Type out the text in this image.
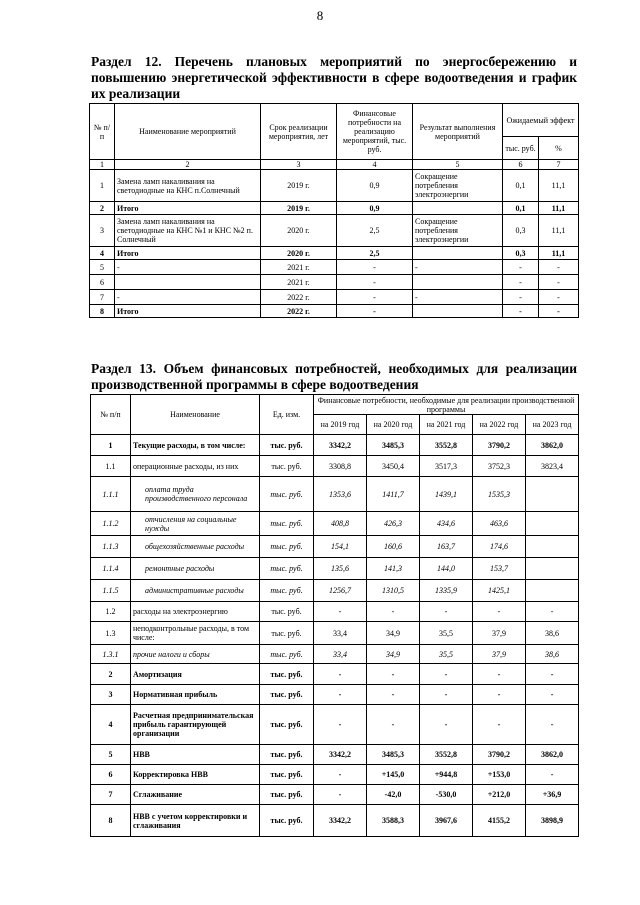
8
Раздел 12. Перечень плановых мероприятий по энергосбережению и повышению энергетической эффективности в сфере водоотведения и график их реализации
№ п/п	Наименование мероприятий	Срок реализации мероприятия, лет	Финансовые потребности на реализацию мероприятий, тыс. руб.	Результат выполнения мероприятий	Ожидаемый эффект	
					тыс. руб.	%
1	2	3	4	5	6	7
1	Замена ламп накаливания на светодиодные на КНС п.Солнечный	2019 г.	0,9	Сокращение потребления электроэнергии	0,1	11,1
2	Итого	2019 г.	0,9		0,1	11,1
3	Замена ламп накаливания на светодиодные на КНС №1 и КНС №2 п. Солнечный	2020 г.	2,5	Сокращение потребления электроэнергии	0,3	11,1
4	Итого	2020 г.	2,5		0,3	11,1
5	-	2021 г.	-	-	-	-
6		2021 г.	-		-	-
7	-	2022 г.	-	-	-	-
8	Итого	2022 г.	-		-	-
Раздел 13. Объем финансовых потребностей, необходимых для реализации производственной программы в сфере водоотведения
№ п/п	Наименование	Ед. изм.	Финансовые потребности, необходимые для реализации производственной программы				
			на 2019 год	на 2020 год	на 2021 год	на 2022 год	на 2023 год
1	Текущие расходы, в том числе:	тыс. руб.	3342,2	3485,3	3552,8	3790,2	3862,0
1.1	операционные расходы, из них	тыс. руб.	3308,8	3450,4	3517,3	3752,3	3823,4
1.1.1	оплата труда производственного персонала	тыс. руб.	1353,6	1411,7	1439,1	1535,3	
1.1.2	отчисления на социальные нужды	тыс. руб.	408,8	426,3	434,6	463,6	
1.1.3	общехозяйственные расходы	тыс. руб.	154,1	160,6	163,7	174,6	
1.1.4	ремонтные расходы	тыс. руб.	135,6	141,3	144,0	153,7	
1.1.5	административные расходы	тыс. руб.	1256,7	1310,5	1335,9	1425,1	
1.2	расходы на электроэнергию	тыс. руб.	-	-	-	-	-
1.3	неподконтрольные расходы, в том числе:	тыс. руб.	33,4	34,9	35,5	37,9	38,6
1.3.1	прочие налоги и сборы	тыс. руб.	33,4	34,9	35,5	37,9	38,6
2	Амортизация	тыс. руб.	-	-	-	-	-
3	Нормативная прибыль	тыс. руб.	-	-	-	-	-
4	Расчетная предпринимательская прибыль гарантирующей организации	тыс. руб.	-	-	-	-	-
5	НВВ	тыс. руб.	3342,2	3485,3	3552,8	3790,2	3862,0
6	Корректировка НВВ	тыс. руб.	-	+145,0	+944,8	+153,0	-
7	Сглаживание	тыс. руб.	-	-42,0	-530,0	+212,0	+36,9
8	НВВ с учетом корректировки и сглаживания	тыс. руб.	3342,2	3588,3	3967,6	4155,2	3898,9
